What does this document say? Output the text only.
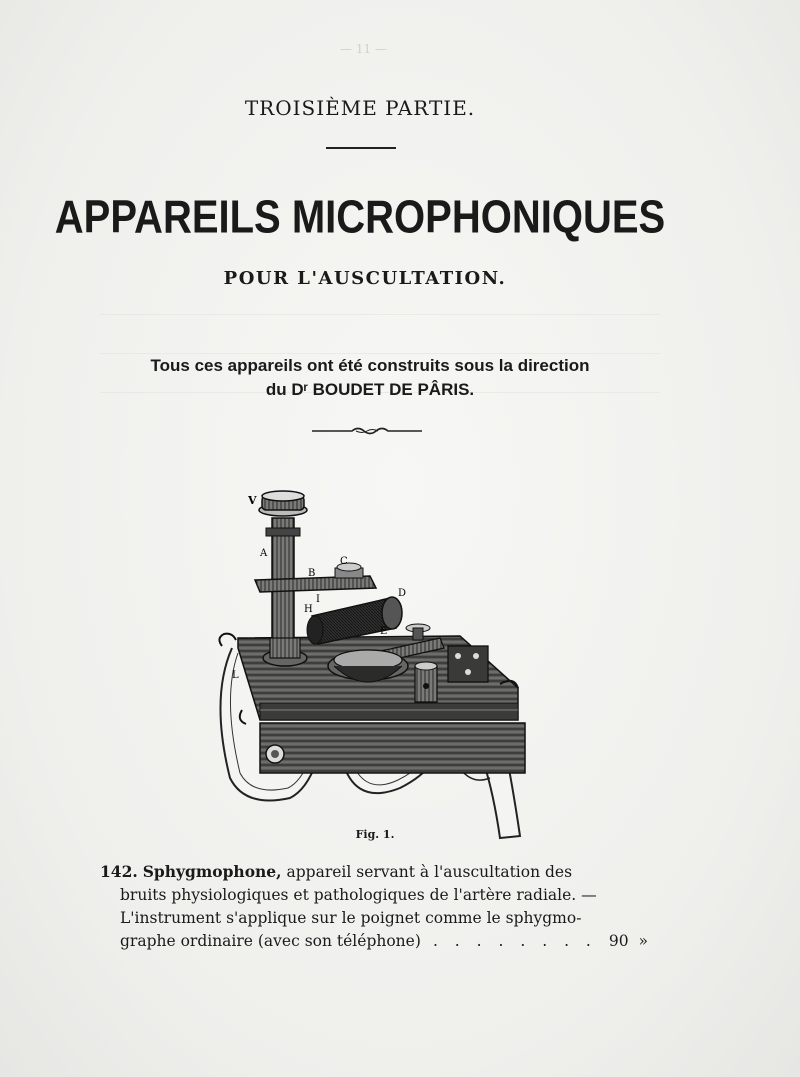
— 11 —
TROISIÈME PARTIE.
APPAREILS MICROPHONIQUES
POUR L'AUSCULTATION.
Tous ces appareils ont été construits sous la direction
du Dʳ BOUDET DE PÂRIS.
V
A
C
B
I
H
D
E
L
Fig. 1.

142. Sphygmophone, appareil servant à l'auscultation des
bruits physiologiques et pathologiques de l'artère radiale. —
L'instrument s'applique sur le poignet comme le sphygmo-
graphe ordinaire (avec son téléphone) . . . . . . . . 90 »
